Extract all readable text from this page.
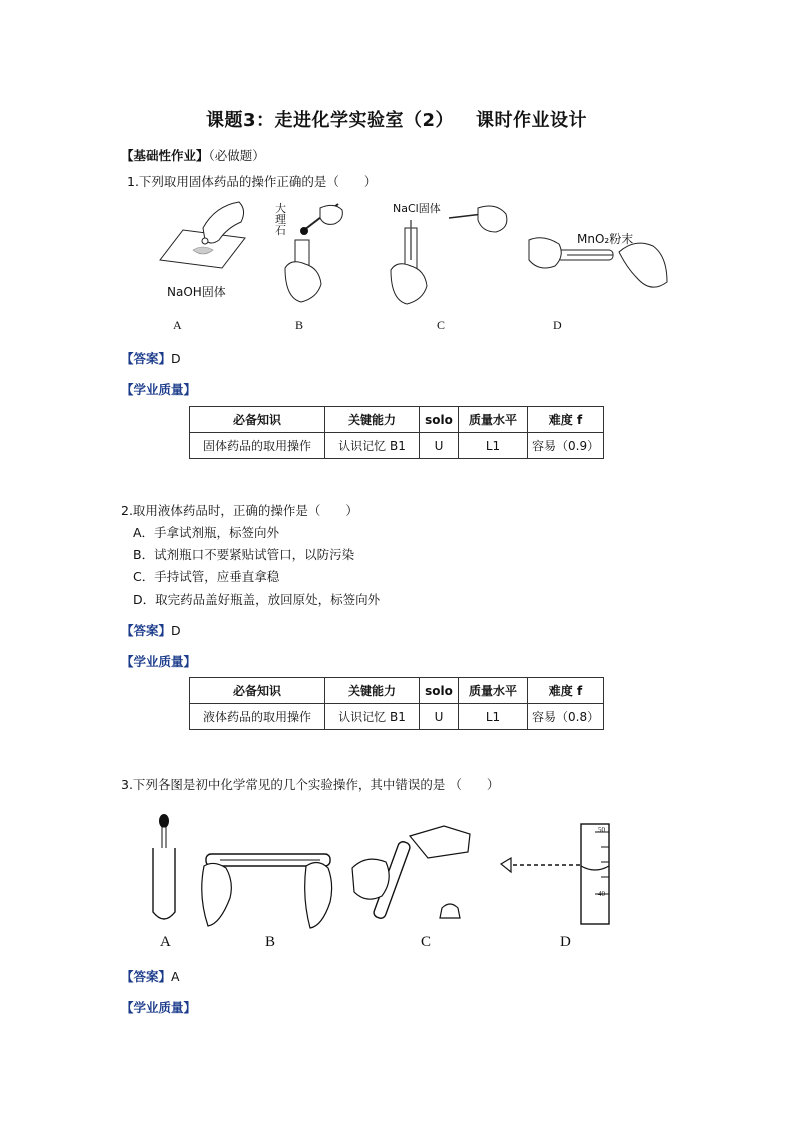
课题3：走进化学实验室（2） 课时作业设计
【基础性作业】（必做题）
1.下列取用固体药品的操作正确的是（　　）
NaOH固体
大
理
石
NaCl固体
MnO₂粉末
A	B	C	D
【答案】D
【学业质量】
必备知识	关键能力	solo	质量水平	难度 f
固体药品的取用操作	认识记忆 B1	U	L1	容易（0.9）
2.取用液体药品时，正确的操作是（　　）
A．手拿试剂瓶，标签向外
B．试剂瓶口不要紧贴试管口，以防污染
C．手持试管，应垂直拿稳
D．取完药品盖好瓶盖，放回原处，标签向外
【答案】D
【学业质量】
必备知识	关键能力	solo	质量水平	难度 f
液体药品的取用操作	认识记忆 B1	U	L1	容易（0.8）
3.下列各图是初中化学常见的几个实验操作，其中错误的是 （　　）
50
40
A	B	C	D
【答案】A
【学业质量】
